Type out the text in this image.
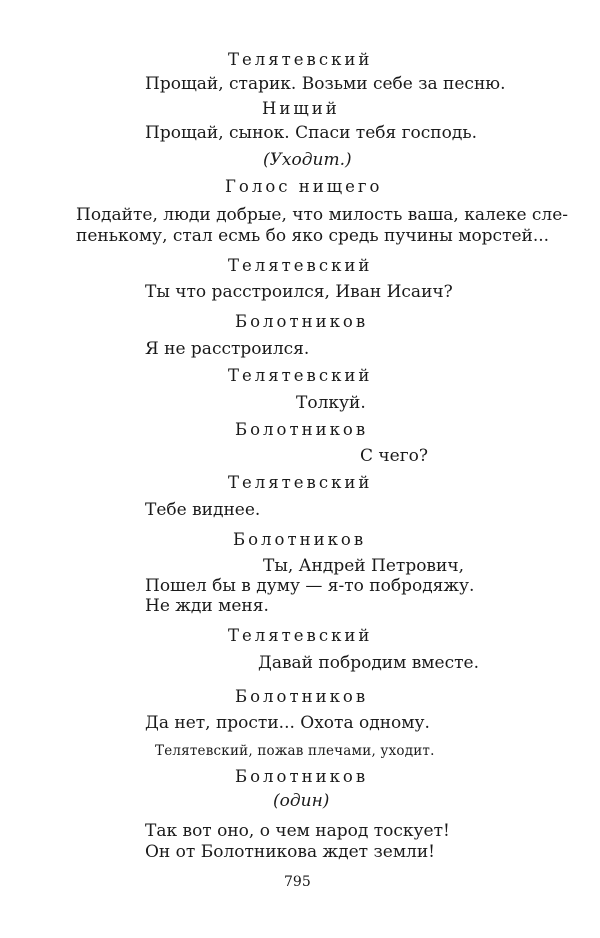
Телятевский
Прощай, старик. Возьми себе за песню.
Нищий
Прощай, сынок. Спаси тебя господь.
(Уходит.)
Голос нищего
Подайте, люди добрые, что милость ваша, калеке сле-
пенькому, стал есмь бо яко средь пучины морстей...
Телятевский
Ты что расстроился, Иван Исаич?
Болотников
Я не расстроился.
Телятевский
Толкуй.
Болотников
С чего?
Телятевский
Тебе виднее.
Болотников
Ты, Андрей Петрович,
Пошел бы в думу — я-то побродяжу.
Не жди меня.
Телятевский
Давай побродим вместе.
Болотников
Да нет, прости... Охота одному.
Телятевский, пожав плечами, уходит.
Болотников
(один)
Так вот оно, о чем народ тоскует!
Он от Болотникова ждет земли!
795
